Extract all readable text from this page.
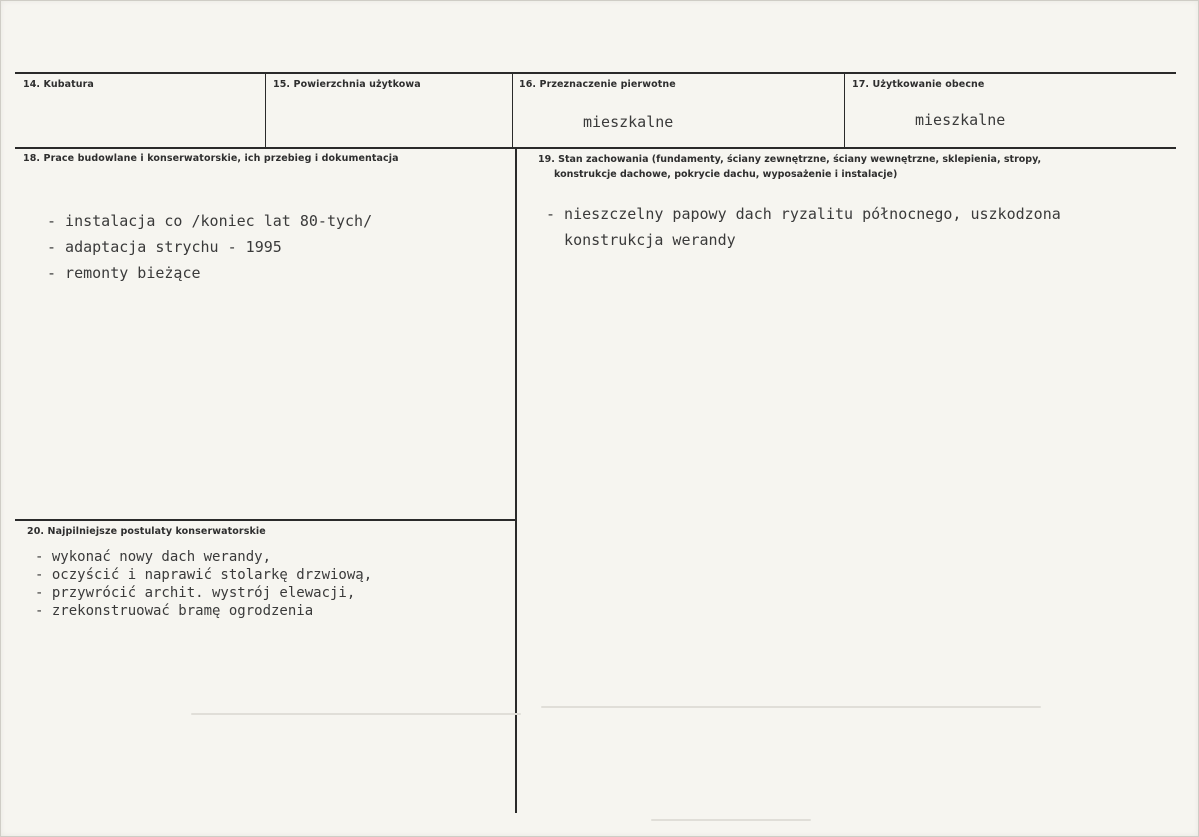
14. Kubatura	15. Powierzchnia użytkowa	16. Przeznaczenie pierwotne
mieszkalne
17. Użytkowanie obecne
mieszkalne
18. Prace budowlane i konserwatorskie, ich przebieg i dokumentacja
- instalacja co /koniec lat 80-tych/
- adaptacja strychu - 1995
- remonty bieżące
19. Stan zachowania (fundamenty, ściany zewnętrzne, ściany wewnętrzne, sklepienia, stropy, konstrukcje dachowe, pokrycie dachu, wyposażenie i instalacje)
- nieszczelny papowy dach ryzalitu północnego, uszkodzona
konstrukcja werandy
20. Najpilniejsze postulaty konserwatorskie
- wykonać nowy dach werandy,
- oczyścić i naprawić stolarkę drzwiową,
- przywrócić archit. wystrój elewacji,
- zrekonstruować bramę ogrodzenia
